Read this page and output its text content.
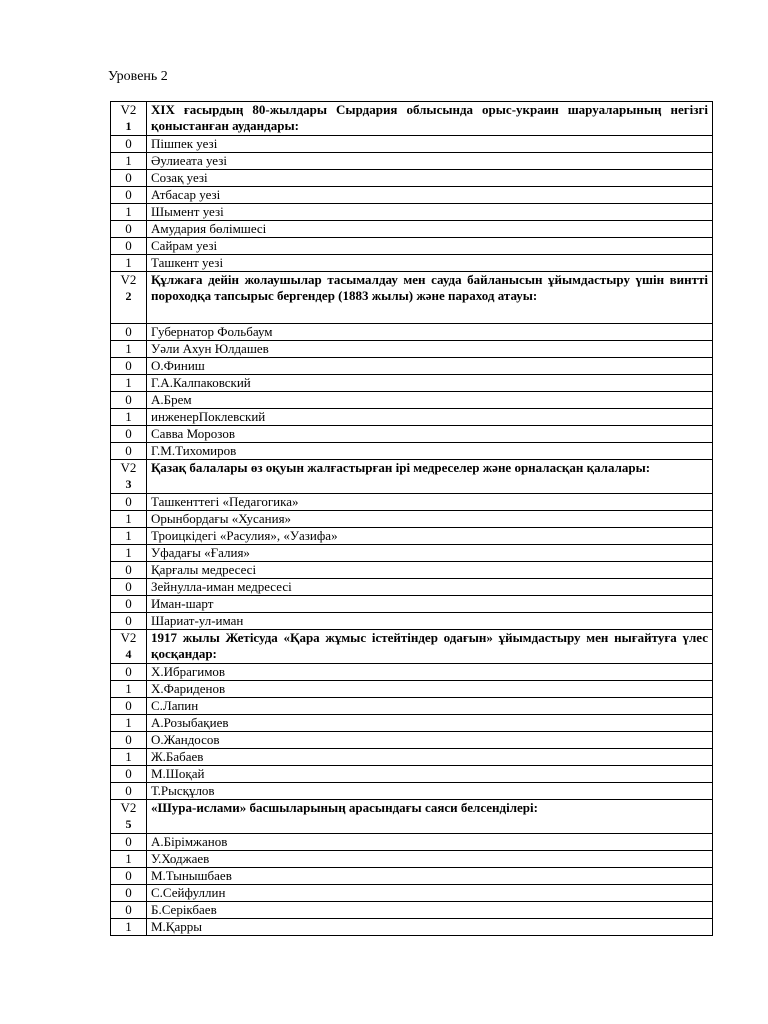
Уровень 2
V2
1	XIX ғасырдың 80-жылдары Сырдария облысында орыс-украин шаруаларының негізгі қоныстанған аудандары:
0	Пішпек уезі
1	Әулиеата уезі
0	Созақ уезі
0	Атбасар уезі
1	Шымент уезі
0	Амудария бөлімшесі
0	Сайрам уезі
1	Ташкент уезі

V2
2	Құлжаға дейін жолаушылар тасымалдау мен сауда байланысын ұйымдастыру үшін винтті пороходқа тапсырыс бергендер (1883 жылы) және параход атауы:
0	Губернатор Фольбаум
1	Уәли Ахун Юлдашев
0	О.Финиш
1	Г.А.Калпаковский
0	А.Брем
1	инженерПоклевский
0	Савва Морозов
0	Г.М.Тихомиров

V2
3	Қазақ балалары өз оқуын жалғастырған ірі медреселер және орналасқан қалалары:
0	Ташкенттегі «Педагогика»
1	Орынбордағы «Хусания»
1	Троицкідегі «Расулия», «Уазифа»
1	Уфадағы «Ғалия»
0	Қарғалы медресесі
0	Зейнулла-иман медресесі
0	Иман-шарт
0	Шариат-ул-иман

V2
4	1917 жылы Жетісуда «Қара жұмыс істейтіндер одағын» ұйымдастыру мен нығайтуға үлес қосқандар:
0	Х.Ибрагимов
1	Х.Фариденов
0	С.Лапин
1	А.Розыбақиев
0	О.Жандосов
1	Ж.Бабаев
0	М.Шоқай
0	Т.Рысқұлов

V2
5	«Шура-ислами» басшыларының арасындағы саяси белсенділері:
0	А.Бірімжанов
1	У.Ходжаев
0	М.Тынышбаев
0	С.Сейфуллин
0	Б.Серікбаев
1	М.Қарры
